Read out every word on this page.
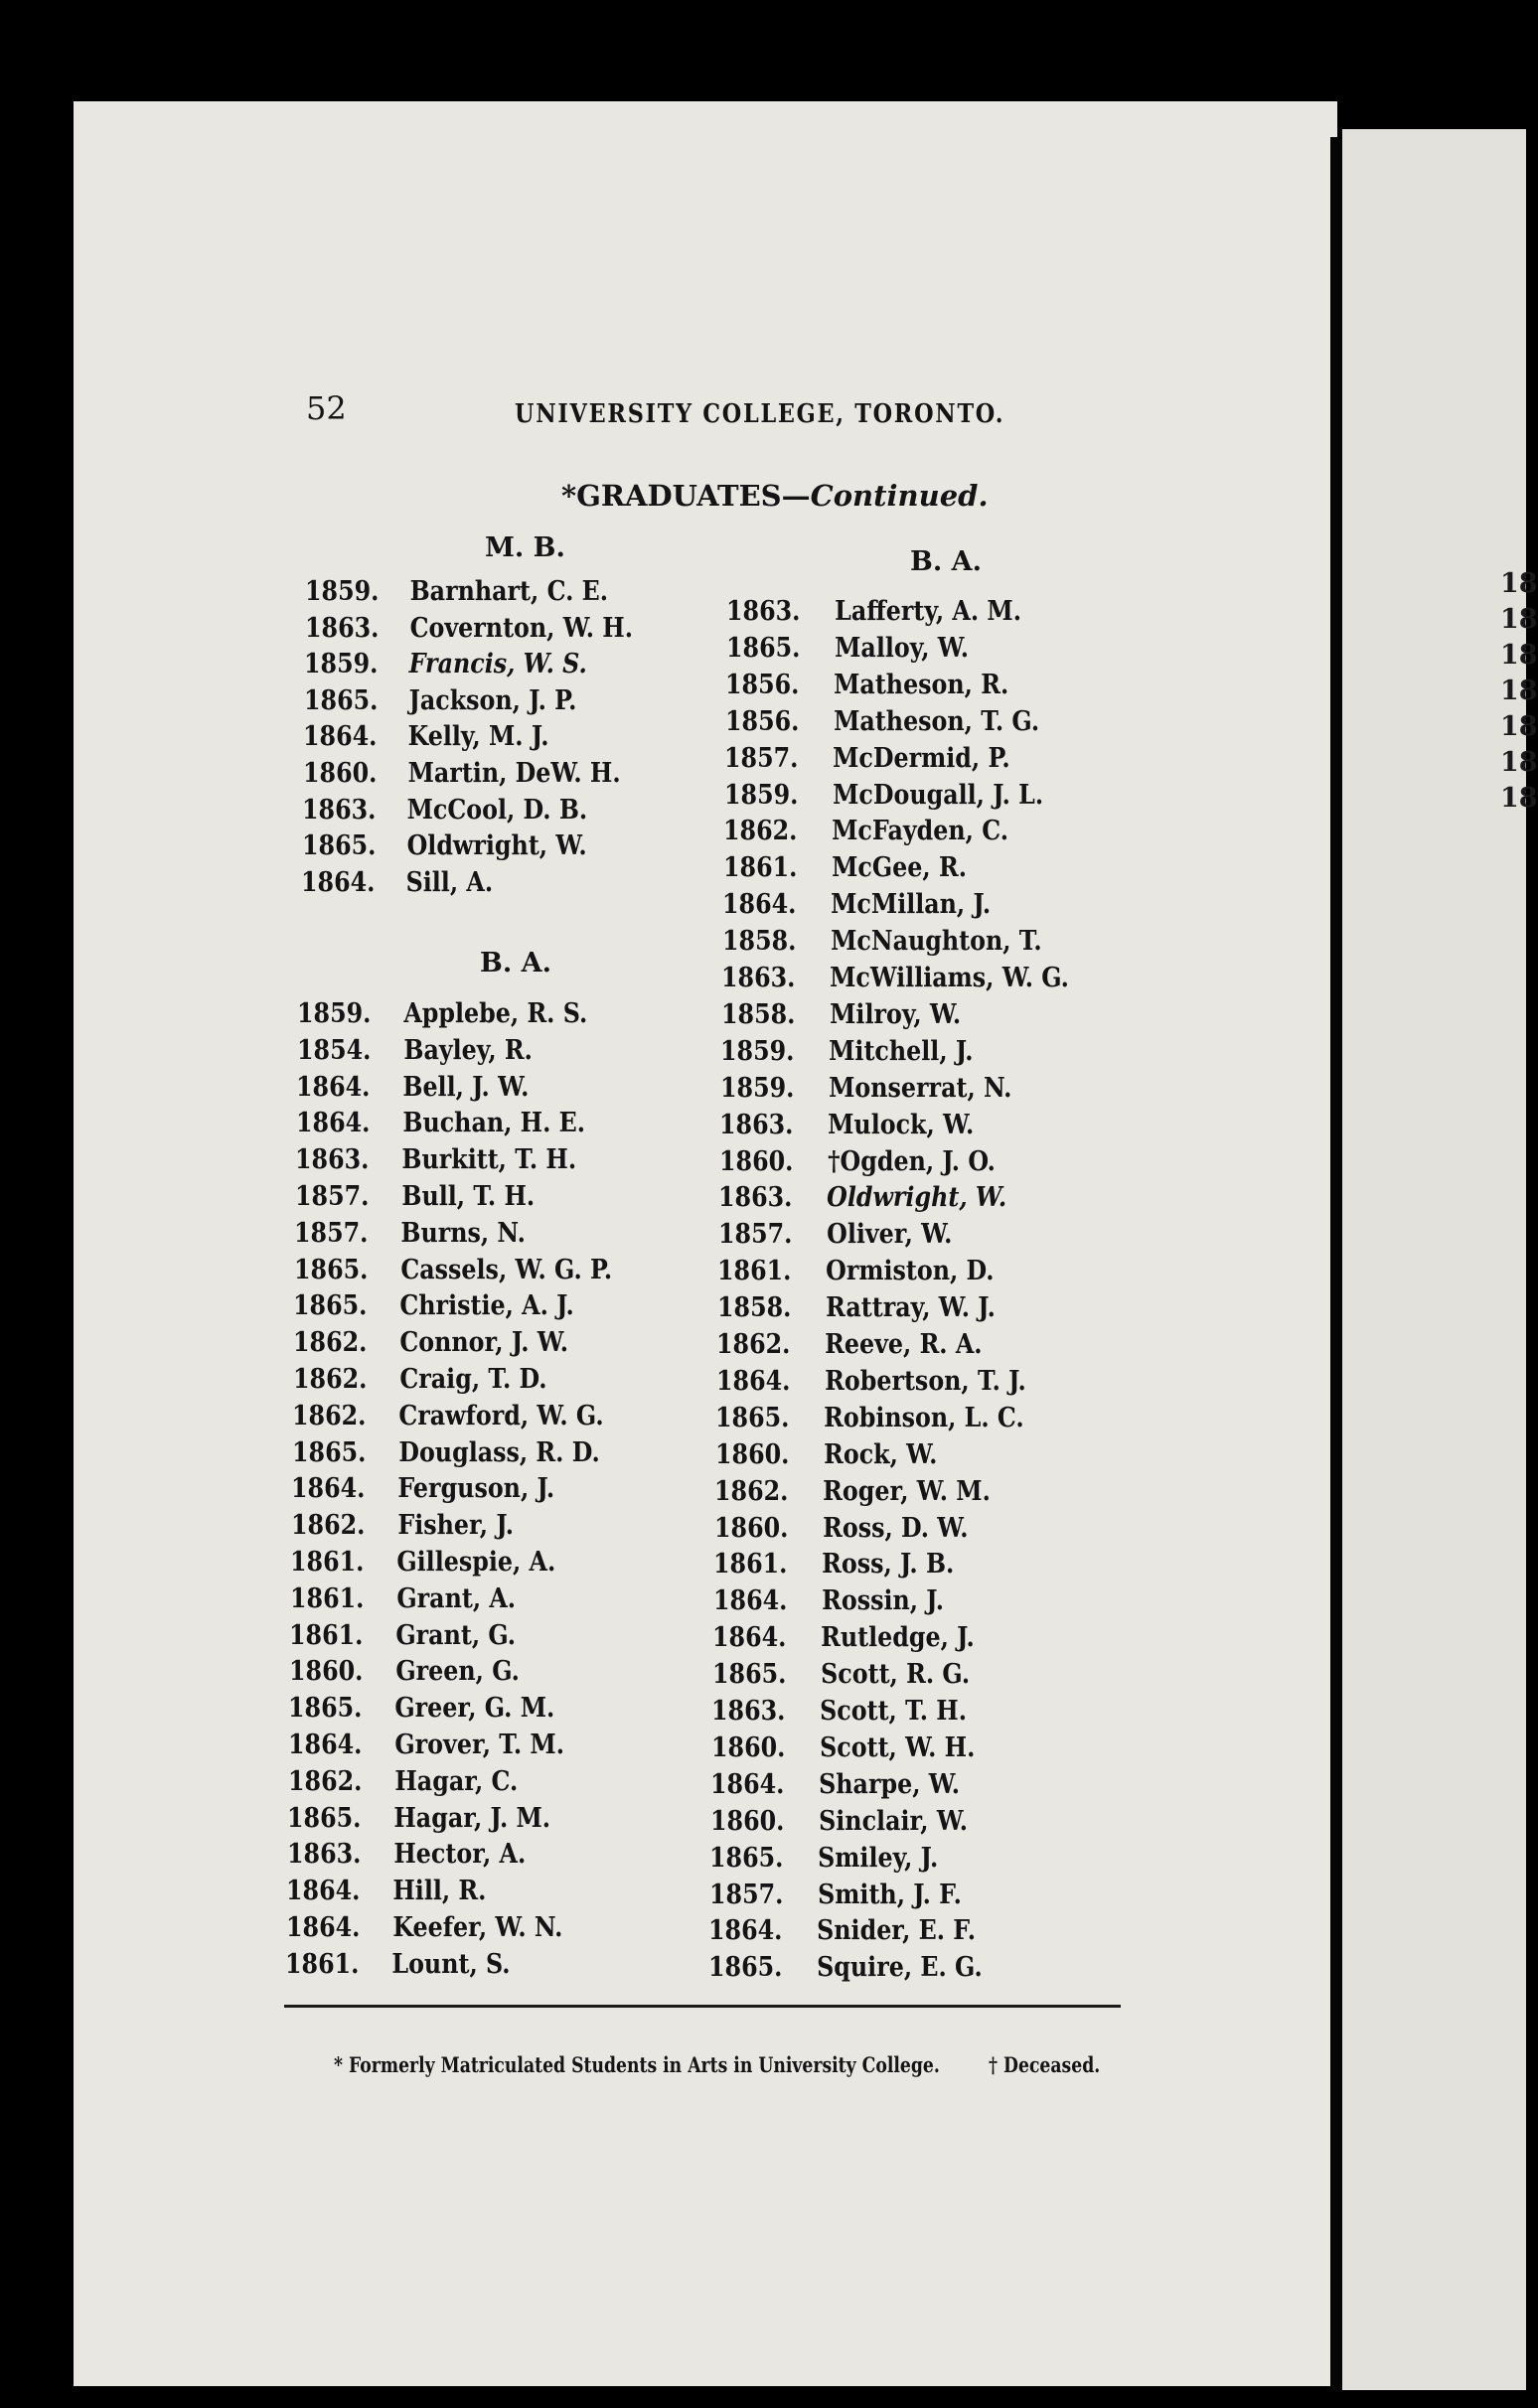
52	UNIVERSITY COLLEGE, TORONTO.
*GRADUATES—Continued.
M. B.
B. A.
B. A.
1859. Barnhart, C. E.
1863. Covernton, W. H.
1859. Francis, W. S.
1865. Jackson, J. P.
1864. Kelly, M. J.
1860. Martin, DeW. H.
1863. McCool, D. B.
1865. Oldwright, W.
1864. Sill, A.
1859. Applebe, R. S.
1854. Bayley, R.
1864. Bell, J. W.
1864. Buchan, H. E.
1863. Burkitt, T. H.
1857. Bull, T. H.
1857. Burns, N.
1865. Cassels, W. G. P.
1865. Christie, A. J.
1862. Connor, J. W.
1862. Craig, T. D.
1862. Crawford, W. G.
1865. Douglass, R. D.
1864. Ferguson, J.
1862. Fisher, J.
1861. Gillespie, A.
1861. Grant, A.
1861. Grant, G.
1860. Green, G.
1865. Greer, G. M.
1864. Grover, T. M.
1862. Hagar, C.
1865. Hagar, J. M.
1863. Hector, A.
1864. Hill, R.
1864. Keefer, W. N.
1861. Lount, S.
1863. Lafferty, A. M.
1865. Malloy, W.
1856. Matheson, R.
1856. Matheson, T. G.
1857. McDermid, P.
1859. McDougall, J. L.
1862. McFayden, C.
1861. McGee, R.
1864. McMillan, J.
1858. McNaughton, T.
1863. McWilliams, W. G.
1858. Milroy, W.
1859. Mitchell, J.
1859. Monserrat, N.
1863. Mulock, W.
1860. †Ogden, J. O.
1863. Oldwright, W.
1857. Oliver, W.
1861. Ormiston, D.
1858. Rattray, W. J.
1862. Reeve, R. A.
1864. Robertson, T. J.
1865. Robinson, L. C.
1860. Rock, W.
1862. Roger, W. M.
1860. Ross, D. W.
1861. Ross, J. B.
1864. Rossin, J.
1864. Rutledge, J.
1865. Scott, R. G.
1863. Scott, T. H.
1860. Scott, W. H.
1864. Sharpe, W.
1860. Sinclair, W.
1865. Smiley, J.
1857. Smith, J. F.
1864. Snider, E. F.
1865. Squire, E. G.
* Formerly Matriculated Students in Arts in University College. † Deceased.
18
18
18
18
18
18
18
